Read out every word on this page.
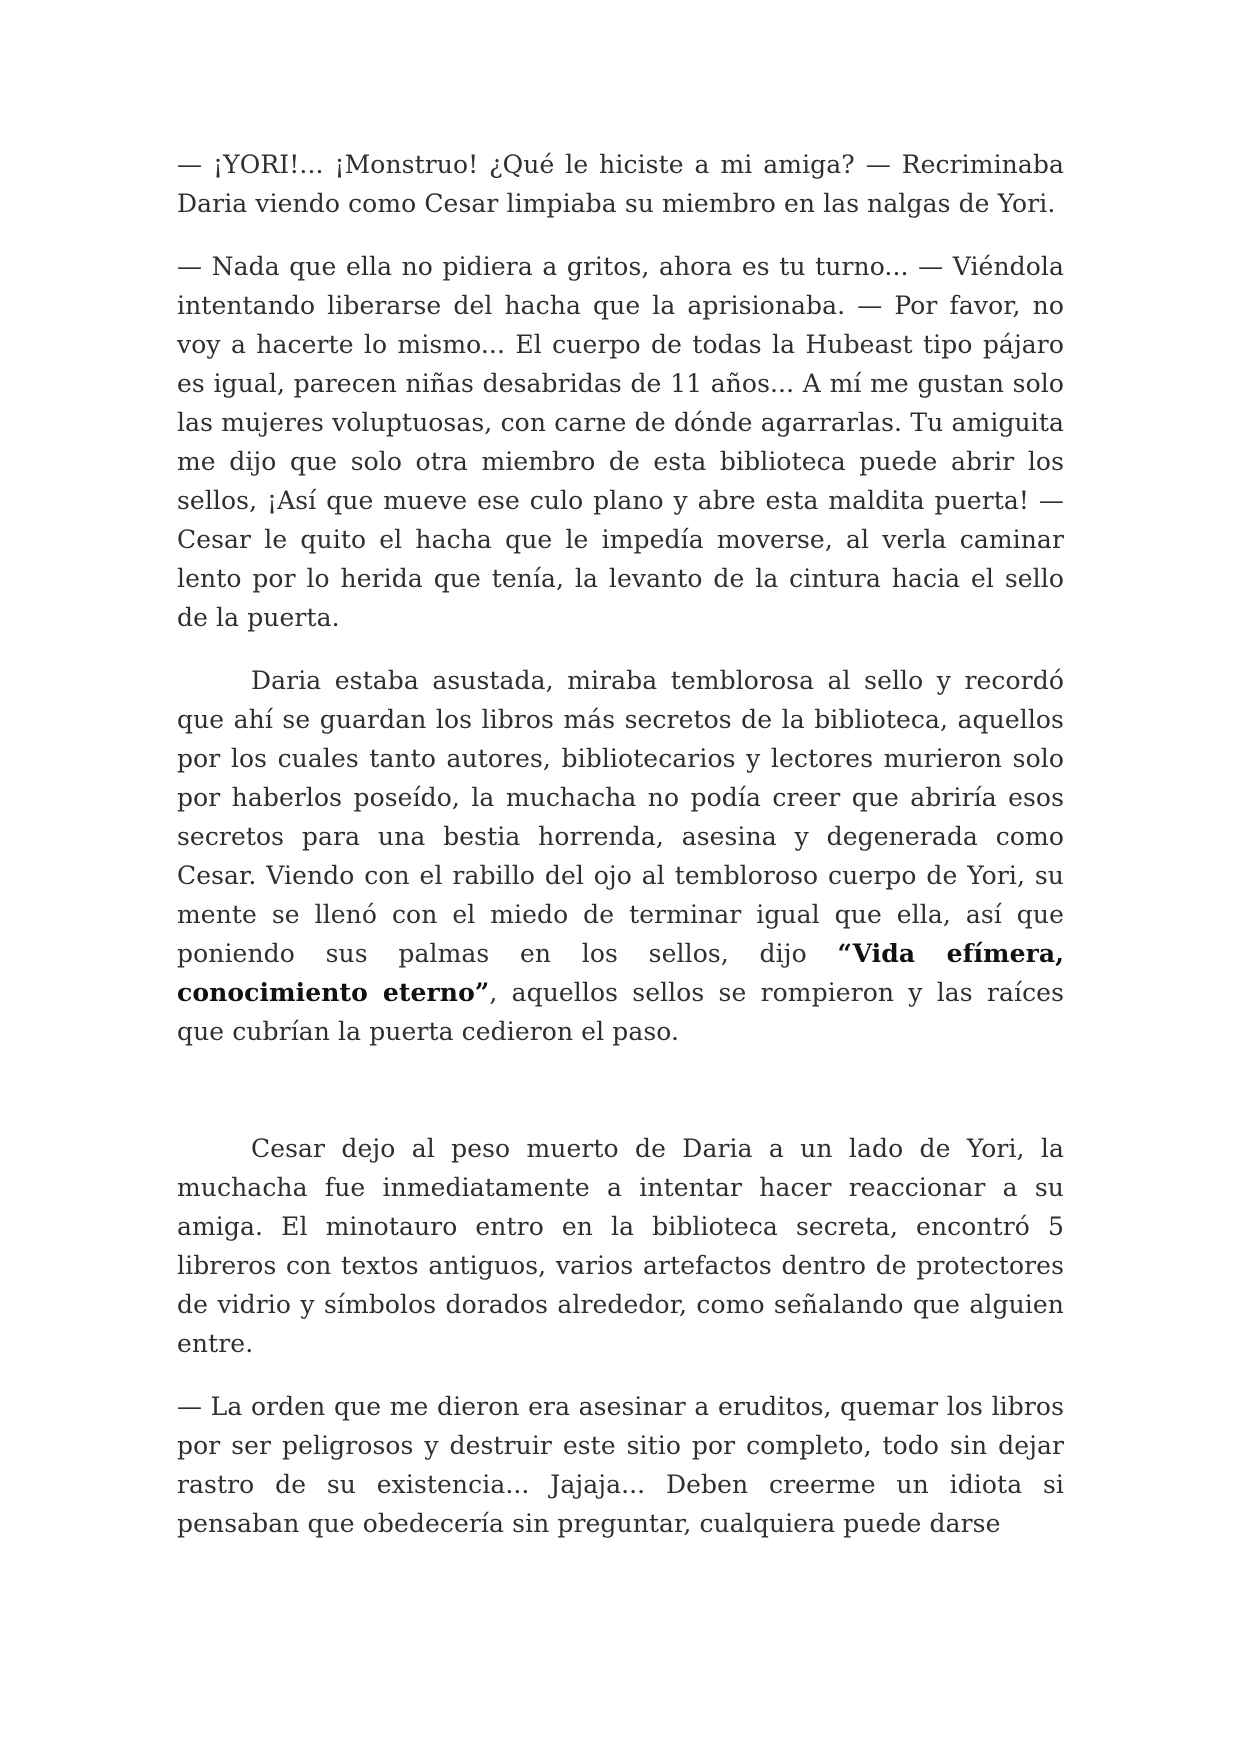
— ¡YORI!... ¡Monstruo! ¿Qué le hiciste a mi amiga? — Recriminaba Daria viendo como Cesar limpiaba su miembro en las nalgas de Yori.

— Nada que ella no pidiera a gritos, ahora es tu turno... — Viéndola intentando liberarse del hacha que la aprisionaba. — Por favor, no voy a hacerte lo mismo... El cuerpo de todas la Hubeast tipo pájaro es igual, parecen niñas desabridas de 11 años... A mí me gustan solo las mujeres voluptuosas, con carne de dónde agarrarlas. Tu amiguita me dijo que solo otra miembro de esta biblioteca puede abrir los sellos, ¡Así que mueve ese culo plano y abre esta maldita puerta! — Cesar le quito el hacha que le impedía moverse, al verla caminar lento por lo herida que tenía, la levanto de la cintura hacia el sello de la puerta.

Daria estaba asustada, miraba temblorosa al sello y recordó que ahí se guardan los libros más secretos de la biblioteca, aquellos por los cuales tanto autores, bibliotecarios y lectores murieron solo por haberlos poseído, la muchacha no podía creer que abriría esos secretos para una bestia horrenda, asesina y degenerada como Cesar. Viendo con el rabillo del ojo al tembloroso cuerpo de Yori, su mente se llenó con el miedo de terminar igual que ella, así que poniendo sus palmas en los sellos, dijo “Vida efímera, conocimiento eterno”, aquellos sellos se rompieron y las raíces que cubrían la puerta cedieron el paso.

Cesar dejo al peso muerto de Daria a un lado de Yori, la muchacha fue inmediatamente a intentar hacer reaccionar a su amiga. El minotauro entro en la biblioteca secreta, encontró 5 libreros con textos antiguos, varios artefactos dentro de protectores de vidrio y símbolos dorados alrededor, como señalando que alguien entre.

— La orden que me dieron era asesinar a eruditos, quemar los libros por ser peligrosos y destruir este sitio por completo, todo sin dejar rastro de su existencia... Jajaja... Deben creerme un idiota si pensaban que obedecería sin preguntar, cualquiera puede darse
